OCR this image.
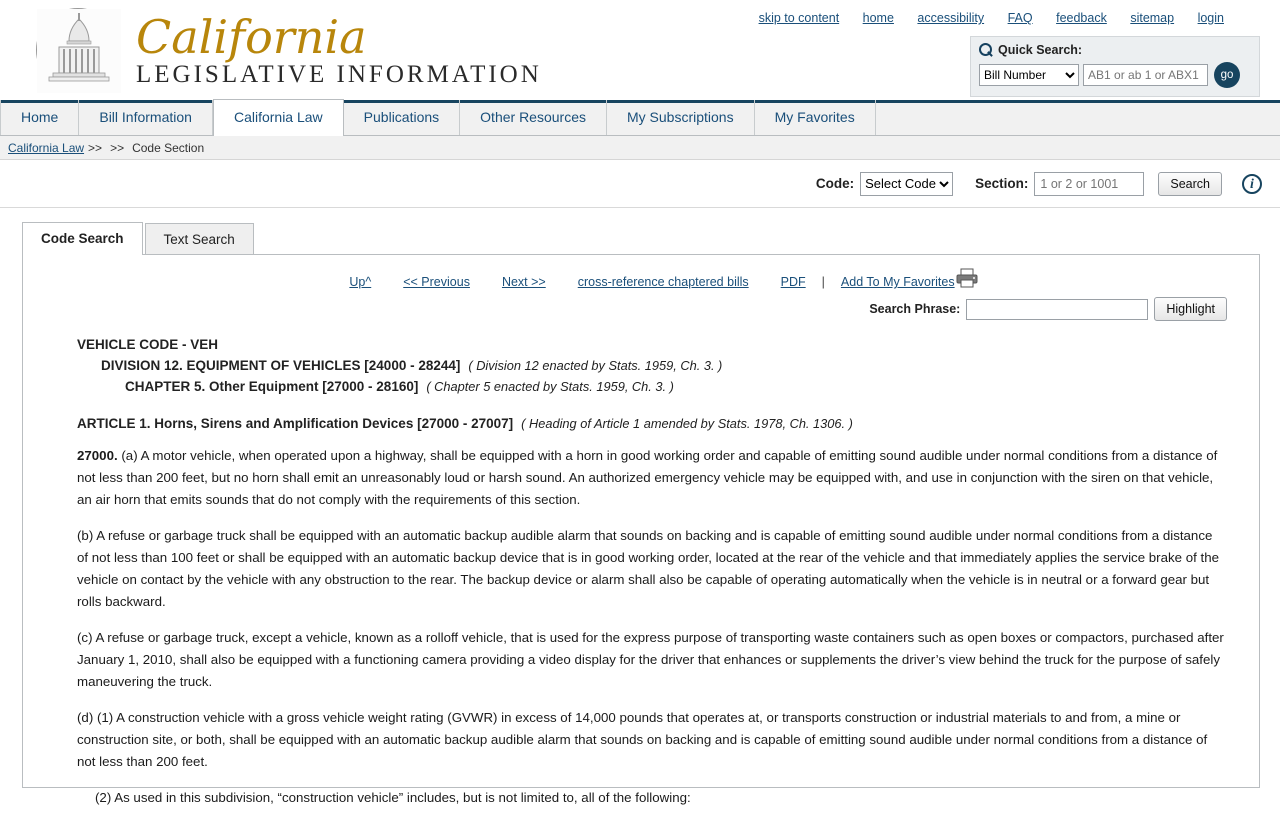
California
LEGISLATIVE INFORMATION
skip to content home accessibility FAQ feedback sitemap login
Quick Search:
Bill Number
AB1 or ab 1 or ABX1
go
Home	Bill Information	California Law	Publications	Other Resources	My Subscriptions	My Favorites
California Law >> >> Code Section
Code:
Select Code	Section:
1 or 2 or 1001	Search	i
Code Search	Text Search
Up^	<< Previous	Next >>	cross-reference chaptered bills	PDF | Add To My Favorites
Search Phrase:	Highlight
VEHICLE CODE - VEH
DIVISION 12. EQUIPMENT OF VEHICLES [24000 - 28244] ( Division 12 enacted by Stats. 1959, Ch. 3. )
CHAPTER 5. Other Equipment [27000 - 28160] ( Chapter 5 enacted by Stats. 1959, Ch. 3. )
ARTICLE 1. Horns, Sirens and Amplification Devices [27000 - 27007] ( Heading of Article 1 amended by Stats. 1978, Ch. 1306. )
27000. (a) A motor vehicle, when operated upon a highway, shall be equipped with a horn in good working order and capable of emitting sound audible under normal conditions from a distance of not less than 200 feet, but no horn shall emit an unreasonably loud or harsh sound. An authorized emergency vehicle may be equipped with, and use in conjunction with the siren on that vehicle, an air horn that emits sounds that do not comply with the requirements of this section.
(b) A refuse or garbage truck shall be equipped with an automatic backup audible alarm that sounds on backing and is capable of emitting sound audible under normal conditions from a distance of not less than 100 feet or shall be equipped with an automatic backup device that is in good working order, located at the rear of the vehicle and that immediately applies the service brake of the vehicle on contact by the vehicle with any obstruction to the rear. The backup device or alarm shall also be capable of operating automatically when the vehicle is in neutral or a forward gear but rolls backward.
(c) A refuse or garbage truck, except a vehicle, known as a rolloff vehicle, that is used for the express purpose of transporting waste containers such as open boxes or compactors, purchased after January 1, 2010, shall also be equipped with a functioning camera providing a video display for the driver that enhances or supplements the driver’s view behind the truck for the purpose of safely maneuvering the truck.
(d) (1) A construction vehicle with a gross vehicle weight rating (GVWR) in excess of 14,000 pounds that operates at, or transports construction or industrial materials to and from, a mine or construction site, or both, shall be equipped with an automatic backup audible alarm that sounds on backing and is capable of emitting sound audible under normal conditions from a distance of not less than 200 feet.
(2) As used in this subdivision, “construction vehicle” includes, but is not limited to, all of the following:
